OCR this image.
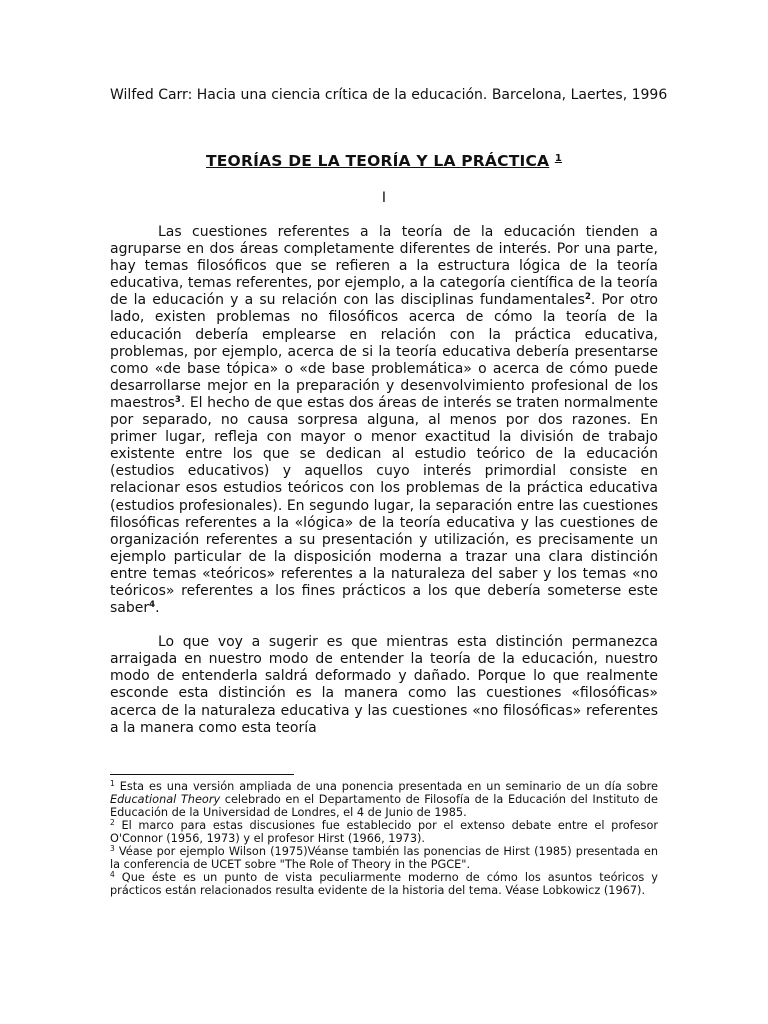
Wilfed Carr: Hacia una ciencia crítica de la educación. Barcelona, Laertes, 1996
TEORÍAS DE LA TEORÍA Y LA PRÁCTICA $^1$
I

Las cuestiones referentes a la teoría de la educación tienden a agruparse en dos áreas completamente diferentes de interés. Por una parte, hay temas filosóficos que se refieren a la estructura lógica de la teoría educativa, temas referentes, por ejemplo, a la categoría científica de la teoría de la educación y a su relación con las disciplinas fundamentales$^2$. Por otro lado, existen problemas no filosóficos acerca de cómo la teoría de la educación debería emplearse en relación con la práctica educativa, problemas, por ejemplo, acerca de si la teoría educativa debería presentarse como «de base tópica» o «de base problemática» o acerca de cómo puede desarrollarse mejor en la preparación y desenvolvimiento profesional de los maestros$^3$. El hecho de que estas dos áreas de interés se traten normalmente por separado, no causa sorpresa alguna, al menos por dos razones. En primer lugar, refleja con mayor o menor exactitud la división de trabajo existente entre los que se dedican al estudio teórico de la educación (estudios educativos) y aquellos cuyo interés primordial consiste en relacionar esos estudios teóricos con los problemas de la práctica educativa (estudios profesionales). En segundo lugar, la separación entre las cuestiones filosóficas referentes a la «lógica» de la teoría educativa y las cuestiones de organización referentes a su presentación y utilización, es precisamente un ejemplo particular de la disposición moderna a trazar una clara distinción entre temas «teóricos» referentes a la naturaleza del saber y los temas «no teóricos» referentes a los fines prácticos a los que debería someterse este saber$^4$.

Lo que voy a sugerir es que mientras esta distinción permanezca arraigada en nuestro modo de entender la teoría de la educación, nuestro modo de entenderla saldrá deformado y dañado. Porque lo que realmente esconde esta distinción es la manera como las cuestiones «filosóficas» acerca de la naturaleza educativa y las cuestiones «no filosóficas» referentes a la manera como esta teoría

$^1$ Esta es una versión ampliada de una ponencia presentada en un seminario de un día sobre Educational Theory celebrado en el Departamento de Filosofía de la Educación del Instituto de Educación de la Universidad de Londres, el 4 de Junio de 1985.

$^2$ El marco para estas discusiones fue establecido por el extenso debate entre el profesor O'Connor (1956, 1973) y el profesor Hirst (1966, 1973).

$^3$ Véase por ejemplo Wilson (1975)Véanse también las ponencias de Hirst (1985) presentada en la conferencia de UCET sobre "The Role of Theory in the PGCE".

$^4$ Que éste es un punto de vista peculiarmente moderno de cómo los asuntos teóricos y prácticos están relacionados resulta evidente de la historia del tema. Véase Lobkowicz (1967).
